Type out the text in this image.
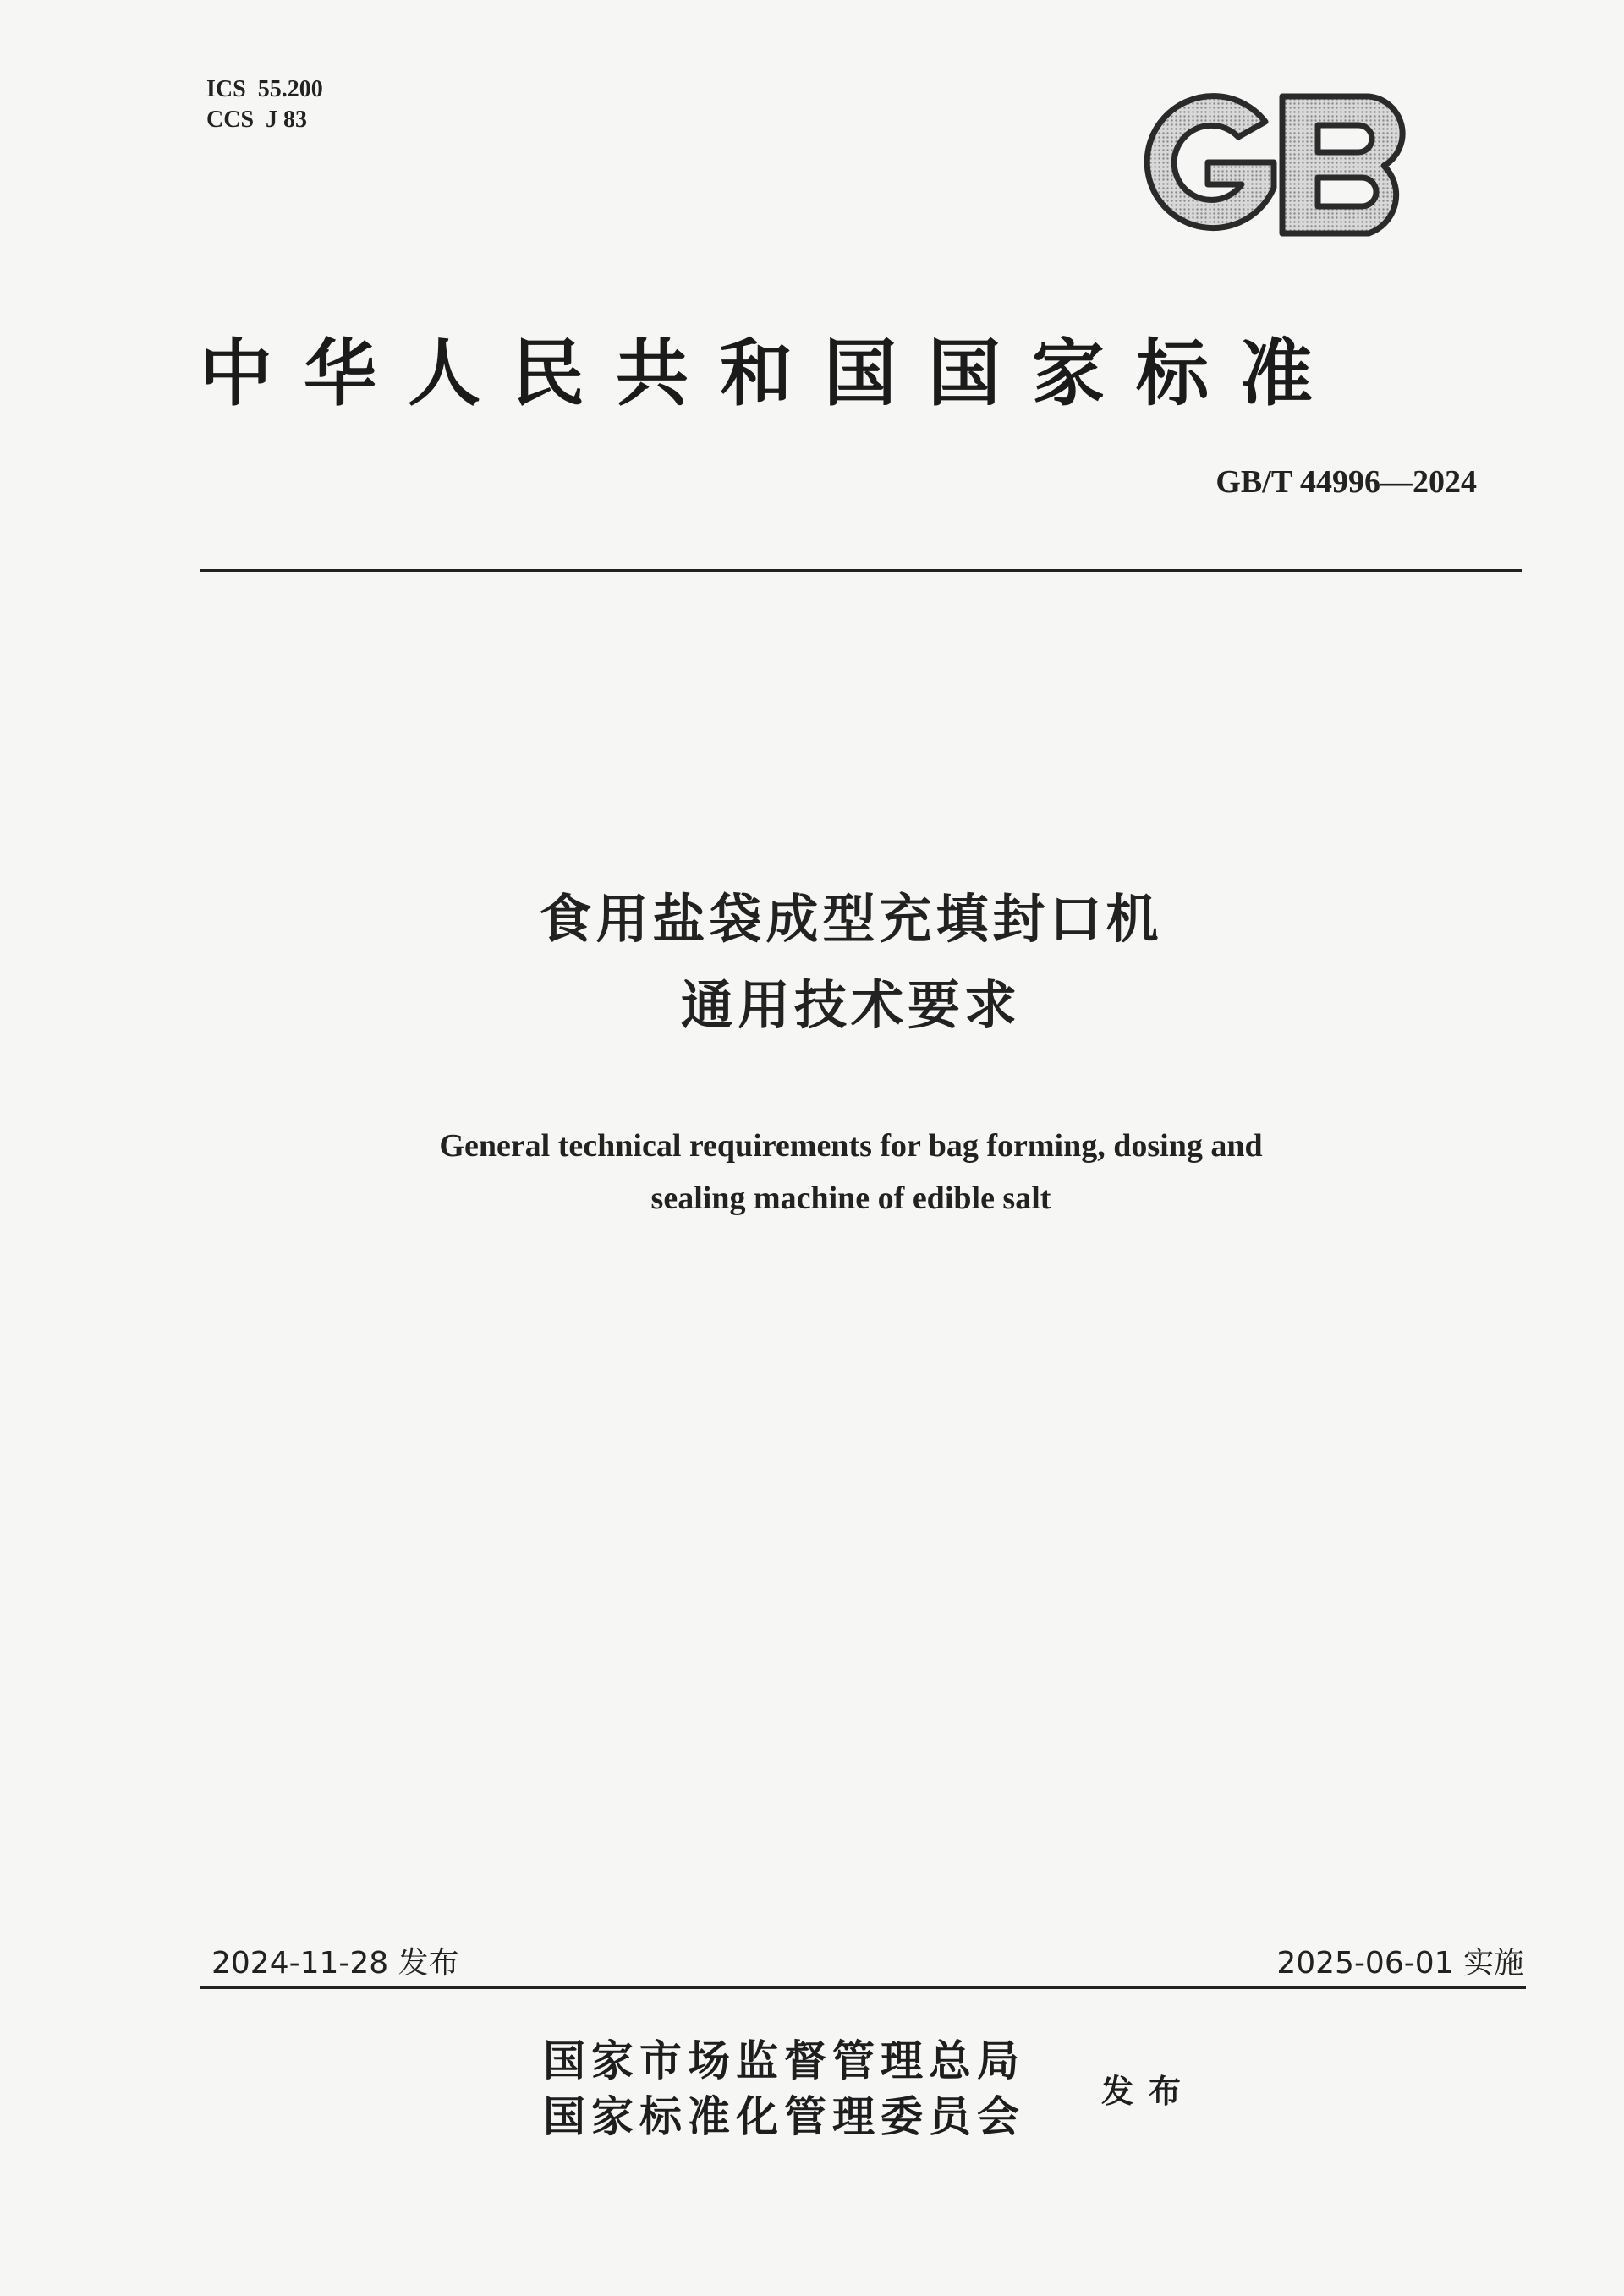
ICS  55.200
CCS  J 83
GB
中华人民共和国国家标准
GB/T 44996—2024
食用盐袋成型充填封口机
通用技术要求
General technical requirements for bag forming, dosing and
sealing machine of edible salt
2024-11-28 发布	2025-06-01 实施
国家市场监督管理总局
国家标准化管理委员会
发布
